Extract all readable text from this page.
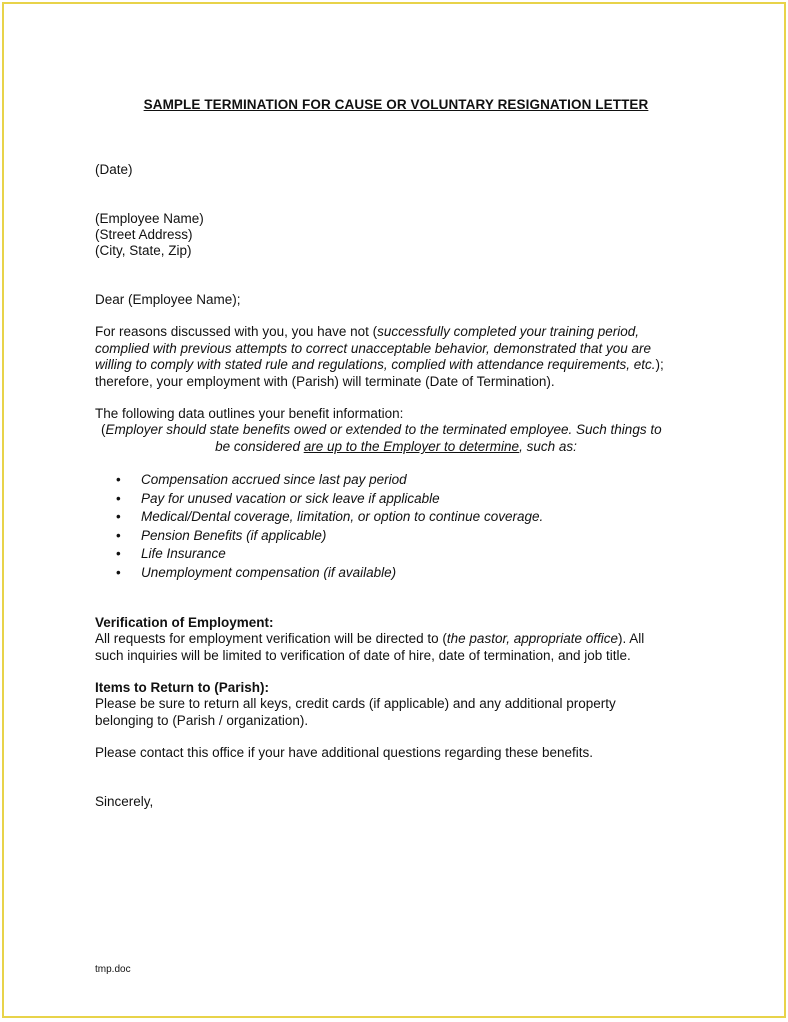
SAMPLE TERMINATION FOR CAUSE OR VOLUNTARY RESIGNATION LETTER
(Date)
(Employee Name)
(Street Address)
(City, State, Zip)
Dear (Employee Name);
For reasons discussed with you, you have not (successfully completed your training period,
complied with previous attempts to correct unacceptable behavior, demonstrated that you are
willing to comply with stated rule and regulations, complied with attendance requirements, etc.);
therefore, your employment with (Parish) will terminate (Date of Termination).
The following data outlines your benefit information:
(Employer should state benefits owed or extended to the terminated employee. Such things to
be considered are up to the Employer to determine, such as:
• Compensation accrued since last pay period
• Pay for unused vacation or sick leave if applicable
• Medical/Dental coverage, limitation, or option to continue coverage.
• Pension Benefits (if applicable)
• Life Insurance
• Unemployment compensation (if available)
Verification of Employment:
All requests for employment verification will be directed to (the pastor, appropriate office). All
such inquiries will be limited to verification of date of hire, date of termination, and job title.
Items to Return to (Parish):
Please be sure to return all keys, credit cards (if applicable) and any additional property
belonging to (Parish / organization).
Please contact this office if your have additional questions regarding these benefits.
Sincerely,
tmp.doc
